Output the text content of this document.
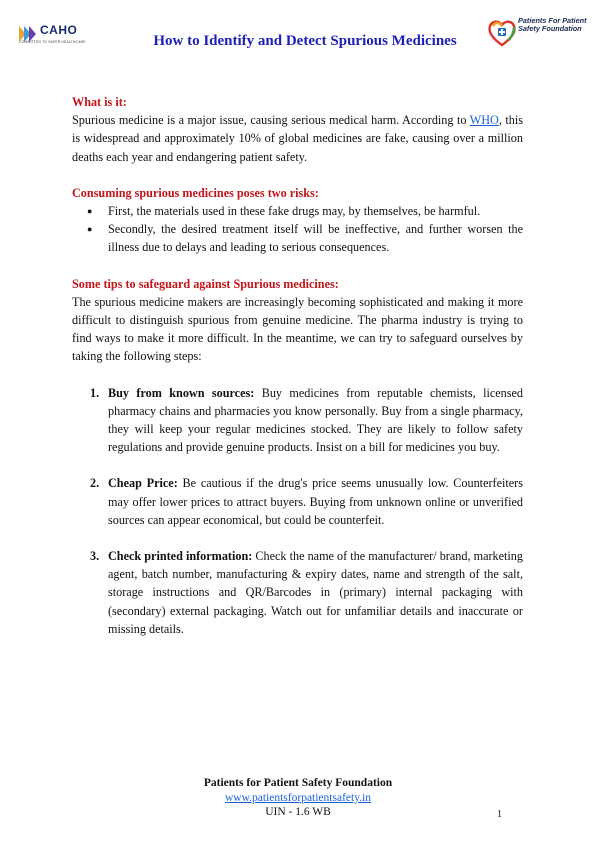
CAHO
COMMITTED TO SAFER HEALTHCARE	How to Identify and Detect Spurious Medicines
Patients For Patient Safety Foundation

What is it:

Spurious medicine is a major issue, causing serious medical harm. According to WHO, this is widespread and approximately 10% of global medicines are fake, causing over a million deaths each year and endangering patient safety.

Consuming spurious medicines poses two risks:

● First, the materials used in these fake drugs may, by themselves, be harmful.
● Secondly, the desired treatment itself will be ineffective, and further worsen the illness due to delays and leading to serious consequences.

Some tips to safeguard against Spurious medicines:

The spurious medicine makers are increasingly becoming sophisticated and making it more difficult to distinguish spurious from genuine medicine. The pharma industry is trying to find ways to make it more difficult. In the meantime, we can try to safeguard ourselves by taking the following steps:

1. Buy from known sources: Buy medicines from reputable chemists, licensed pharmacy chains and pharmacies you know personally. Buy from a single pharmacy, they will keep your regular medicines stocked. They are likely to follow safety regulations and provide genuine products. Insist on a bill for medicines you buy.
2. Cheap Price: Be cautious if the drug's price seems unusually low. Counterfeiters may offer lower prices to attract buyers. Buying from unknown online or unverified sources can appear economical, but could be counterfeit.
3. Check printed information: Check the name of the manufacturer/ brand, marketing agent, batch number, manufacturing & expiry dates, name and strength of the salt, storage instructions and QR/Barcodes in (primary) internal packaging with (secondary) external packaging. Watch out for unfamiliar details and inaccurate or missing details.
Patients for Patient Safety Foundation
www.patientsforpatientsafety.in
UIN - 1.6 WB	1
